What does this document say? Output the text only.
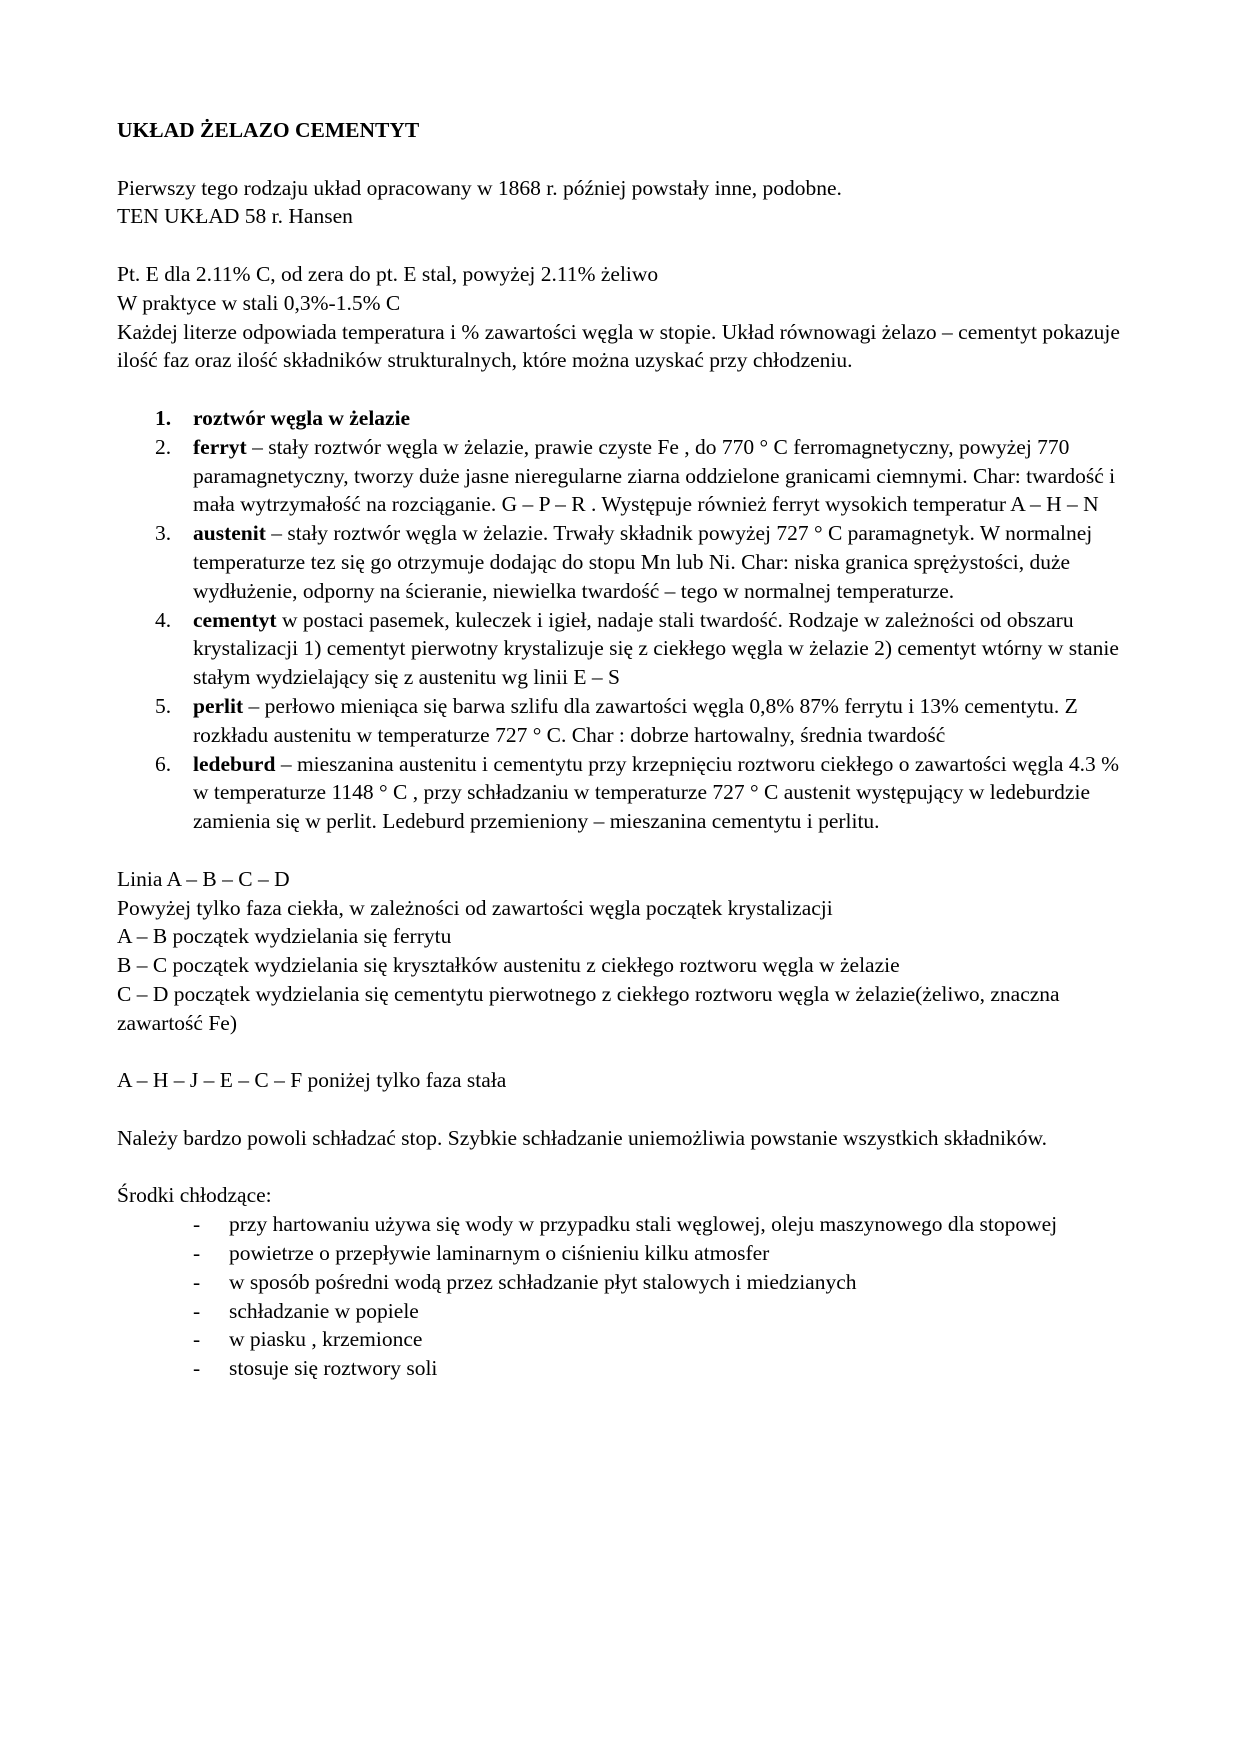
UKŁAD ŻELAZO CEMENTYT

Pierwszy tego rodzaju układ opracowany w 1868 r. później powstały inne, podobne.
TEN UKŁAD 58 r. Hansen

Pt. E dla 2.11% C, od zera do pt. E stal, powyżej 2.11% żeliwo
W praktyce w stali 0,3%-1.5% C
Każdej literze odpowiada temperatura i % zawartości węgla w stopie. Układ równowagi żelazo – cementyt pokazuje ilość faz oraz ilość składników strukturalnych, które można uzyskać przy chłodzeniu.

1. roztwór węgla w żelazie
2. ferryt – stały roztwór węgla w żelazie, prawie czyste Fe , do 770 ° C ferromagnetyczny, powyżej 770 paramagnetyczny, tworzy duże jasne nieregularne ziarna oddzielone granicami ciemnymi. Char: twardość i mała wytrzymałość na rozciąganie. G – P – R . Występuje również ferryt wysokich temperatur A – H – N
3. austenit – stały roztwór węgla w żelazie. Trwały składnik powyżej 727 ° C paramagnetyk. W normalnej temperaturze tez się go otrzymuje dodając do stopu Mn lub Ni. Char: niska granica sprężystości, duże wydłużenie, odporny na ścieranie, niewielka twardość – tego w normalnej temperaturze.
4. cementyt w postaci pasemek, kuleczek i igieł, nadaje stali twardość. Rodzaje w zależności od obszaru krystalizacji 1) cementyt pierwotny krystalizuje się z ciekłego węgla w żelazie 2) cementyt wtórny w stanie stałym wydzielający się z austenitu wg linii E – S
5. perlit – perłowo mieniąca się barwa szlifu dla zawartości węgla 0,8% 87% ferrytu i 13% cementytu. Z rozkładu austenitu w temperaturze 727 ° C. Char : dobrze hartowalny, średnia twardość
6. ledeburd – mieszanina austenitu i cementytu przy krzepnięciu roztworu ciekłego o zawartości węgla 4.3 % w temperaturze 1148 ° C , przy schładzaniu w temperaturze 727 ° C austenit występujący w ledeburdzie zamienia się w perlit. Ledeburd przemieniony – mieszanina cementytu i perlitu.

Linia A – B – C – D
Powyżej tylko faza ciekła, w zależności od zawartości węgla początek krystalizacji
A – B początek wydzielania się ferrytu
B – C początek wydzielania się kryształków austenitu z ciekłego roztworu węgla w żelazie
C – D początek wydzielania się cementytu pierwotnego z ciekłego roztworu węgla w żelazie(żeliwo, znaczna zawartość Fe)

A – H – J – E – C – F poniżej tylko faza stała

Należy bardzo powoli schładzać stop. Szybkie schładzanie uniemożliwia powstanie wszystkich składników.

Środki chłodzące:

- przy hartowaniu używa się wody w przypadku stali węglowej, oleju maszynowego dla stopowej
- powietrze o przepływie laminarnym o ciśnieniu kilku atmosfer
- w sposób pośredni wodą przez schładzanie płyt stalowych i miedzianych
- schładzanie w popiele
- w piasku , krzemionce
- stosuje się roztwory soli
